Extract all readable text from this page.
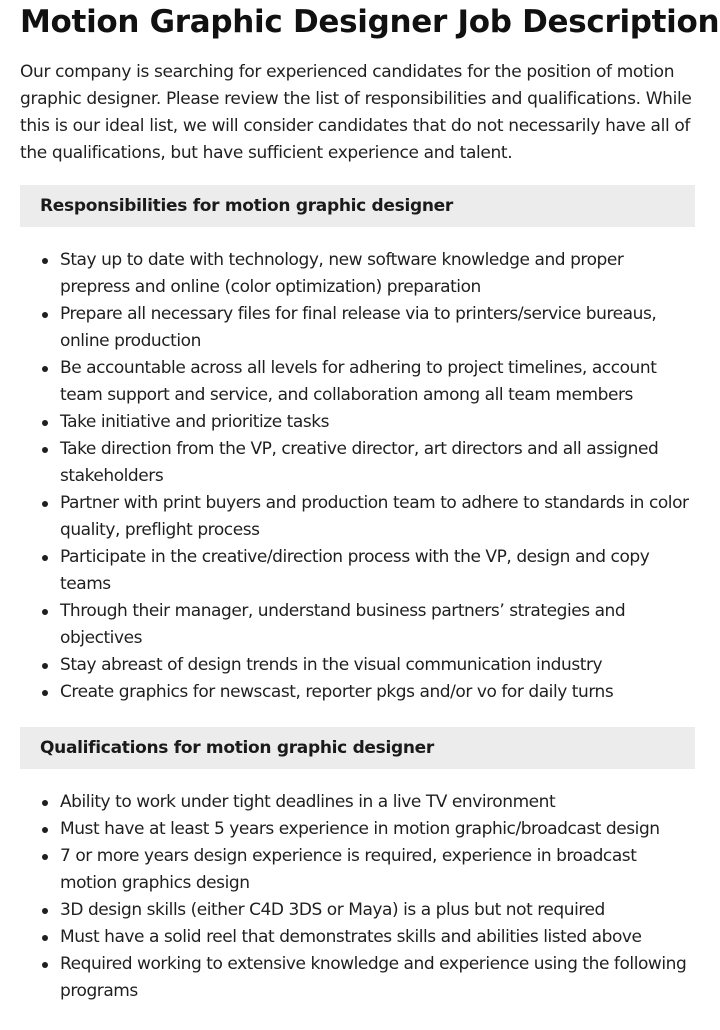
Motion Graphic Designer Job Description

Our company is searching for experienced candidates for the position of motion graphic designer. Please review the list of responsibilities and qualifications. While this is our ideal list, we will consider candidates that do not necessarily have all of the qualifications, but have sufficient experience and talent.

Responsibilities for motion graphic designer
Stay up to date with technology, new software knowledge and proper prepress and online (color optimization) preparation
Prepare all necessary files for final release via to printers/service bureaus, online production
Be accountable across all levels for adhering to project timelines, account team support and service, and collaboration among all team members
Take initiative and prioritize tasks
Take direction from the VP, creative director, art directors and all assigned stakeholders
Partner with print buyers and production team to adhere to standards in color quality, preflight process
Participate in the creative/direction process with the VP, design and copy teams
Through their manager, understand business partners’ strategies and objectives
Stay abreast of design trends in the visual communication industry
Create graphics for newscast, reporter pkgs and/or vo for daily turns
Qualifications for motion graphic designer
Ability to work under tight deadlines in a live TV environment
Must have at least 5 years experience in motion graphic/broadcast design
7 or more years design experience is required, experience in broadcast motion graphics design
3D design skills (either C4D 3DS or Maya) is a plus but not required
Must have a solid reel that demonstrates skills and abilities listed above
Required working to extensive knowledge and experience using the following programs
